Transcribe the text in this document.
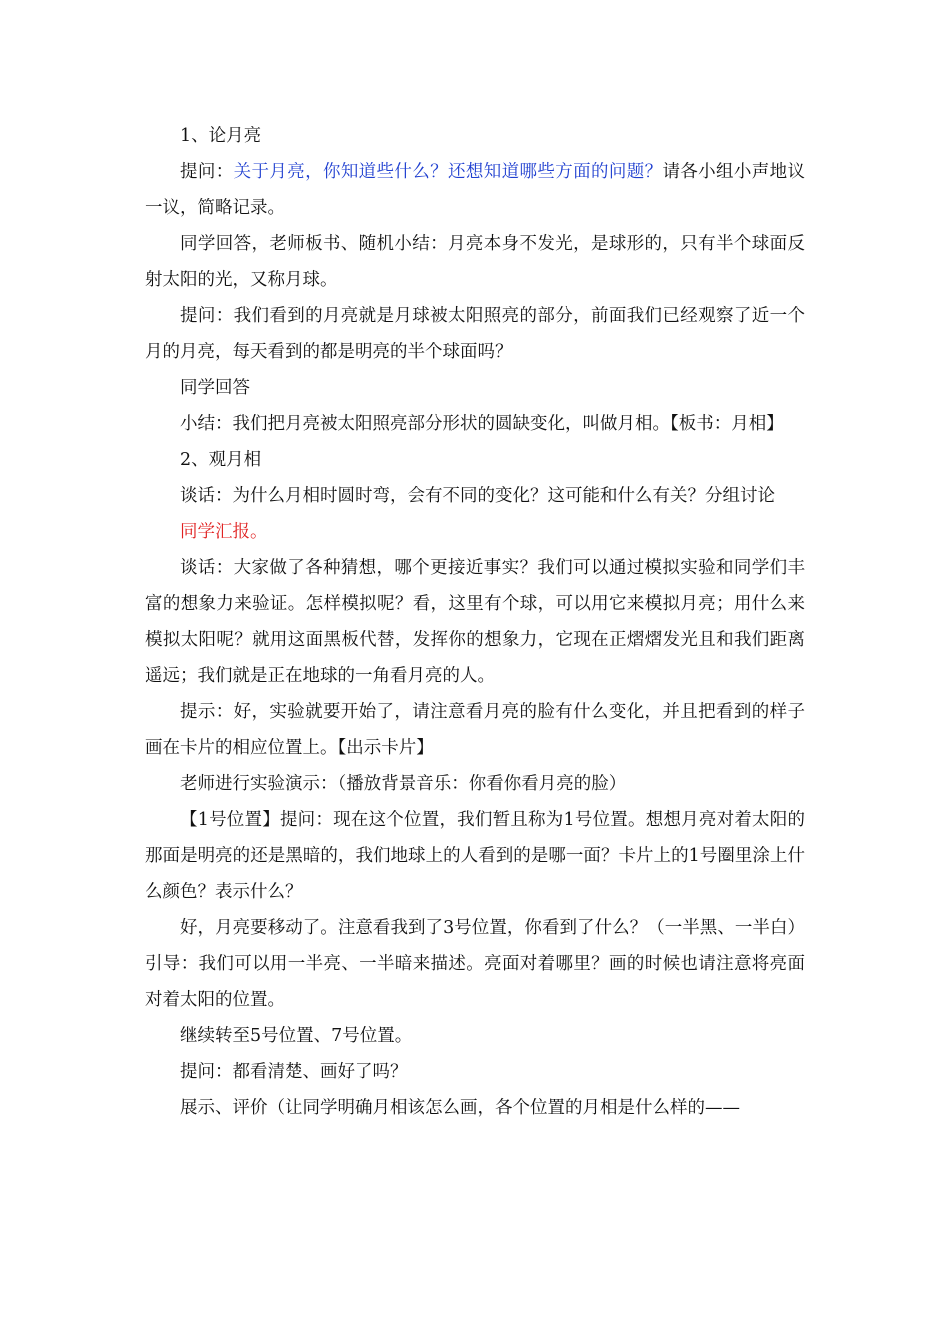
1、论月亮

提问：关于月亮，你知道些什么？还想知道哪些方面的问题？请各小组小声地议一议，简略记录。

同学回答，老师板书、随机小结：月亮本身不发光，是球形的，只有半个球面反射太阳的光，又称月球。

提问：我们看到的月亮就是月球被太阳照亮的部分，前面我们已经观察了近一个月的月亮，每天看到的都是明亮的半个球面吗？

同学回答

小结：我们把月亮被太阳照亮部分形状的圆缺变化，叫做月相。【板书：月相】

2、观月相

谈话：为什么月相时圆时弯，会有不同的变化？这可能和什么有关？分组讨论

同学汇报。

谈话：大家做了各种猜想，哪个更接近事实？我们可以通过模拟实验和同学们丰富的想象力来验证。怎样模拟呢？看，这里有个球，可以用它来模拟月亮；用什么来模拟太阳呢？就用这面黑板代替，发挥你的想象力，它现在正熠熠发光且和我们距离遥远；我们就是正在地球的一角看月亮的人。

提示：好，实验就要开始了，请注意看月亮的脸有什么变化，并且把看到的样子画在卡片的相应位置上。【出示卡片】

老师进行实验演示：（播放背景音乐：你看你看月亮的脸）

【1号位置】提问：现在这个位置，我们暂且称为1号位置。想想月亮对着太阳的那面是明亮的还是黑暗的，我们地球上的人看到的是哪一面？卡片上的1号圈里涂上什么颜色？表示什么？

好，月亮要移动了。注意看我到了3号位置，你看到了什么？（一半黑、一半白）引导：我们可以用一半亮、一半暗来描述。亮面对着哪里？画的时候也请注意将亮面对着太阳的位置。

继续转至5号位置、7号位置。

提问：都看清楚、画好了吗？

展示、评价（让同学明确月相该怎么画，各个位置的月相是什么样的——
